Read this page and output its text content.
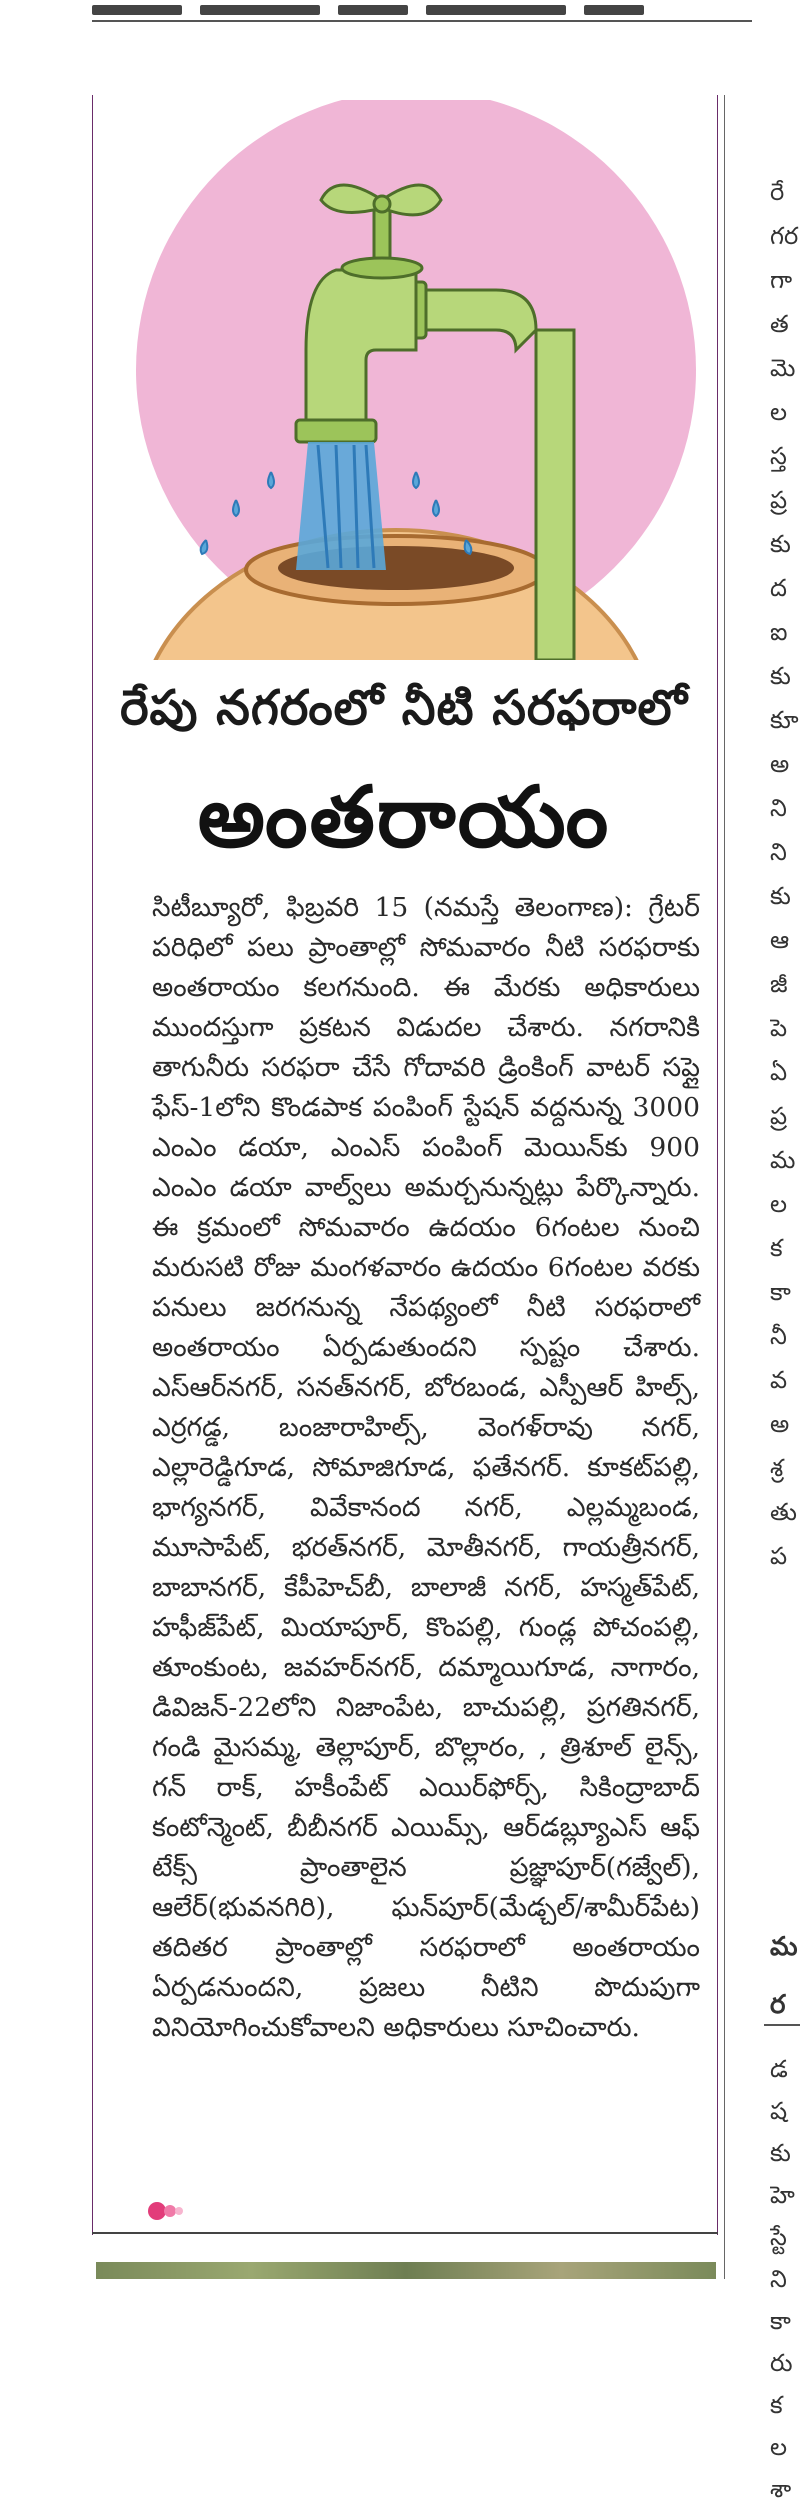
రేపు నగరంలో నీటి సరఫరాలో
అంతరాయం

సిటీబ్యూరో, ఫిబ్రవరి 15 (నమస్తే తెలంగాణ): గ్రేటర్ పరిధిలో పలు ప్రాంతాల్లో సోమవారం నీటి సరఫరాకు అంతరాయం కలగనుంది. ఈ మేరకు అధికారులు ముందస్తుగా ప్రకటన విడుదల చేశారు. నగరానికి తాగునీరు సరఫరా చేసే గోదావరి డ్రింకింగ్ వాటర్ సప్లై ఫేస్-1లోని కొండపాక పంపింగ్ స్టేషన్ వద్దనున్న 3000 ఎంఎం డయా, ఎంఎస్ పంపింగ్ మెయిన్‌కు 900 ఎంఎం డయా వాల్వ్‌లు అమర్చనున్నట్లు పేర్కొన్నారు. ఈ క్రమంలో సోమవారం ఉదయం 6గంటల నుంచి మరుసటి రోజు మంగళవారం ఉదయం 6గంటల వరకు పనులు జరగనున్న నేపథ్యంలో నీటి సరఫరాలో అంతరాయం ఏర్పడుతుందని స్పష్టం చేశారు. ఎస్ఆర్‌నగర్, సనత్‌నగర్, బోరబండ, ఎస్పీఆర్ హిల్స్, ఎర్రగడ్డ, బంజారాహిల్స్, వెంగళ్‌రావు నగర్, ఎల్లారెడ్డిగూడ, సోమాజిగూడ, ఫతేనగర్. కూకట్‌పల్లి, భాగ్యనగర్, వివేకానంద నగర్, ఎల్లమ్మబండ, మూసాపేట్, భరత్‌నగర్, మోతీనగర్, గాయత్రీనగర్, బాబానగర్, కేపీహెచ్‌బీ, బాలాజీ నగర్, హస్మత్‌పేట్, హఫీజ్‌పేట్, మియాపూర్, కొంపల్లి, గుండ్ల పోచంపల్లి, తూంకుంట, జవహర్‌నగర్, దమ్మాయిగూడ, నాగారం, డివిజన్-22లోని నిజాంపేట, బాచుపల్లి, ప్రగతినగర్, గండి మైసమ్మ, తెల్లాపూర్, బొల్లారం, , త్రిశూల్ లైన్స్, గన్ రాక్, హకీంపేట్ ఎయిర్‌ఫోర్స్, సికింద్రాబాద్ కంటోన్మెంట్, బీబీనగర్ ఎయిమ్స్, ఆర్‌డబ్ల్యూఎస్ ఆఫ్ టేక్స్ ప్రాంతాలైన ప్రజ్ఞాపూర్(గజ్వేల్), ఆలేర్(భువనగిరి), ఘన్‌పూర్(మేడ్చల్/శామీర్‌పేట) తదితర ప్రాంతాల్లో సరఫరాలో అంతరాయం ఏర్పడనుందని, ప్రజలు నీటిని పొదుపుగా వినియోగించుకోవాలని అధికారులు సూచించారు.

రే గర గా త మె ల స్త ప్ర కు ద ఐ కు కూ అ ని ని కు ఆ జీ పె ఏ ప్ర మ ల క కా నీ వ అ శ్ర తు ప
మ
ర
డ ష కు హె స్టే ని కా రు క ల శా
